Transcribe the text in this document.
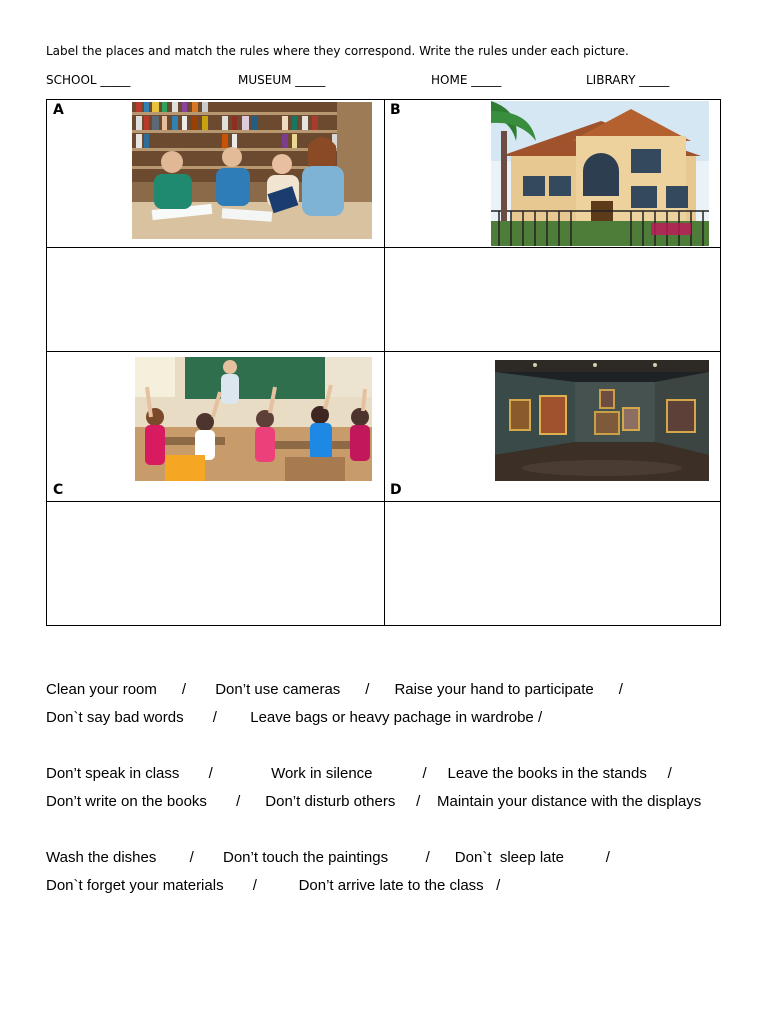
Label the places and match the rules where they correspond. Write the rules under each picture.
SCHOOL _____	MUSEUM _____	HOME _____	LIBRARY _____
A	B
C	D
Clean your room      /       Don’t use cameras      /      Raise your hand to participate      /
Don`t say bad words       /        Leave bags or heavy pachage in wardrobe /
Don’t speak in class       /              Work in silence            /     Leave the books in the stands     /
Don’t write on the books       /      Don’t disturb others     /    Maintain your distance with the displays
Wash the dishes        /       Don’t touch the paintings         /      Don`t  sleep late          /
Don`t forget your materials       /          Don’t arrive late to the class   /
